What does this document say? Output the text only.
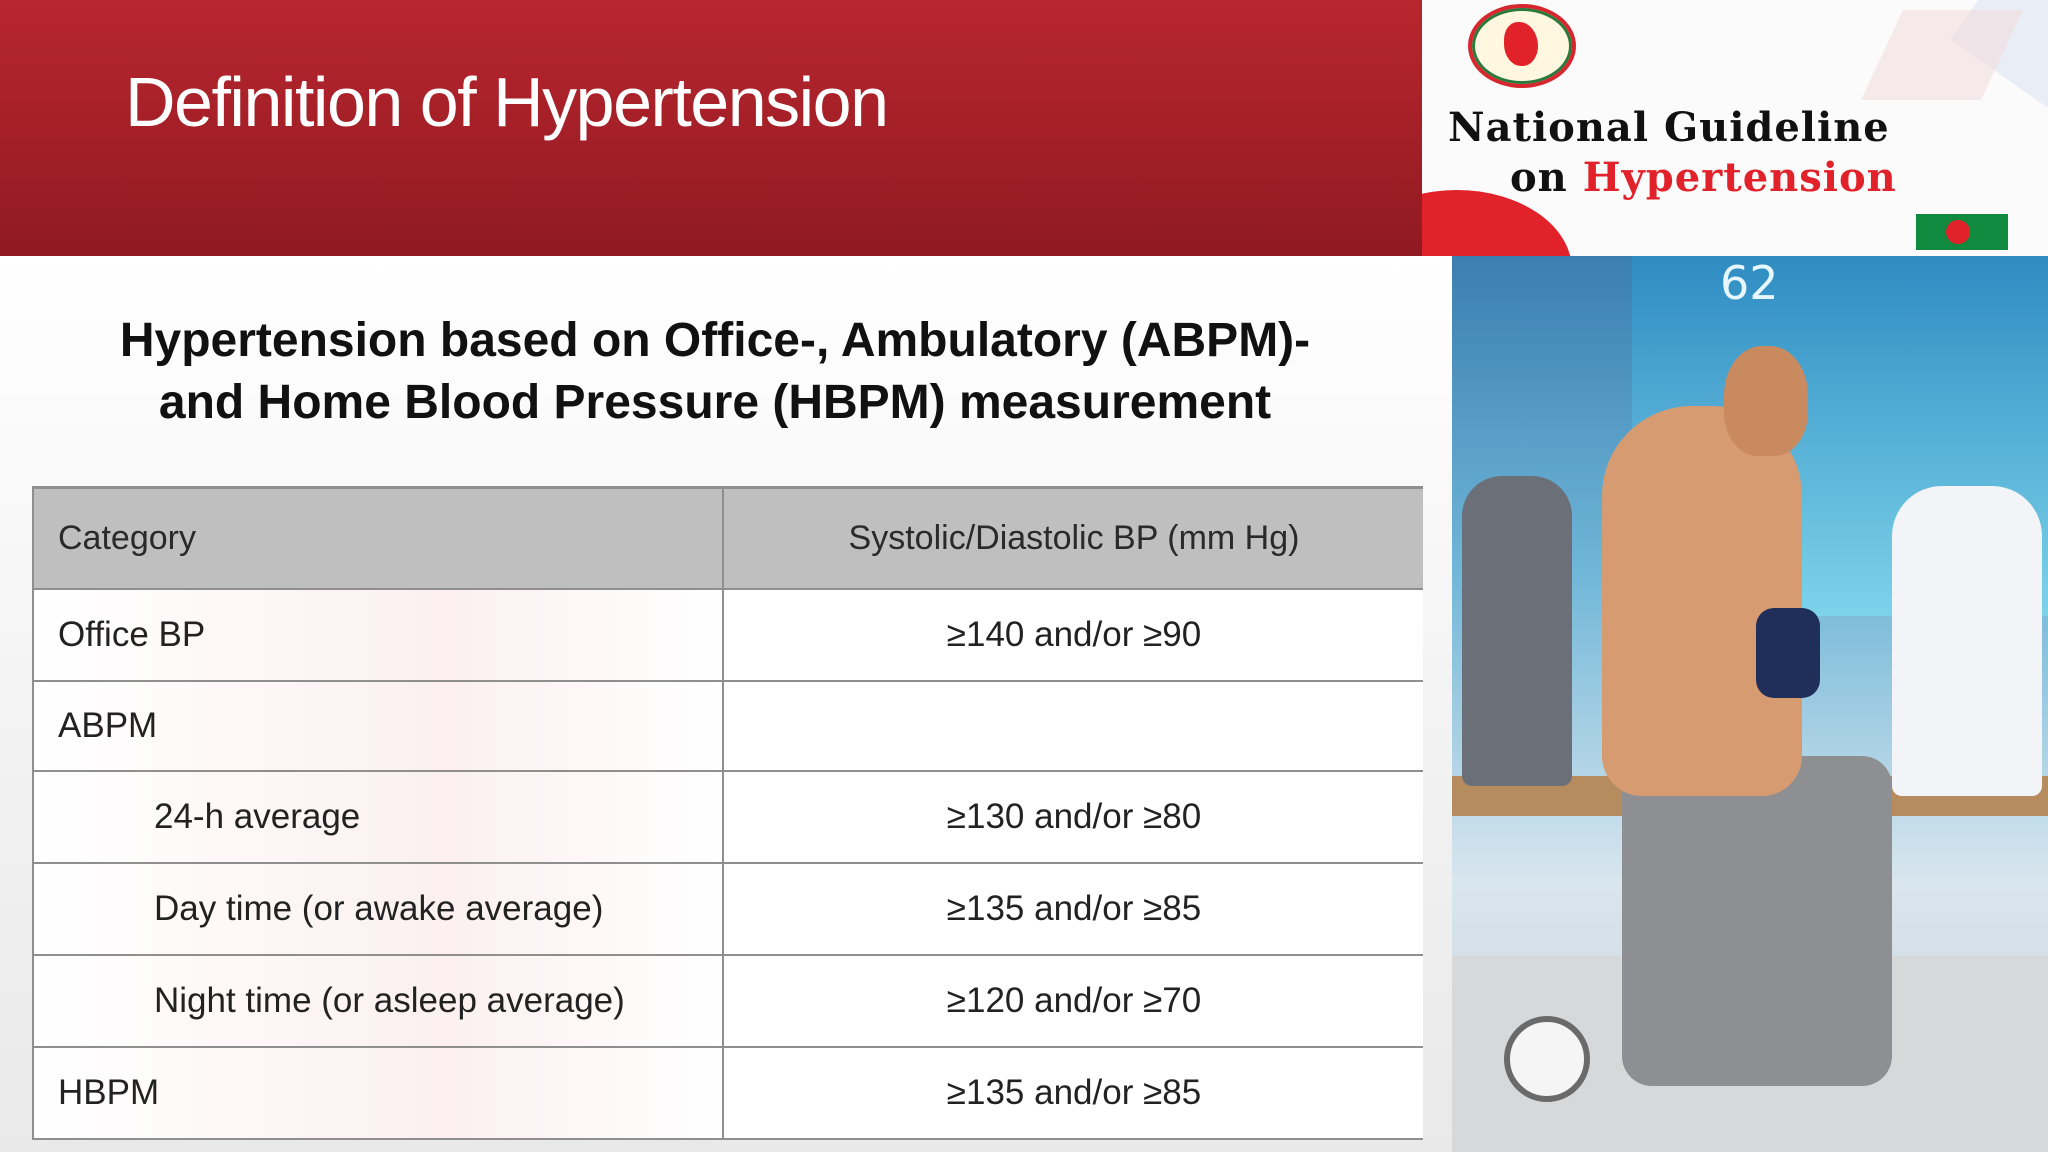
Definition of Hypertension	National Guideline
on Hypertension
Hypertension based on Office-, Ambulatory (ABPM)-
and Home Blood Pressure (HBPM) measurement
Category	Systolic/Diastolic BP (mm Hg)
Office BP	≥140 and/or ≥90
ABPM	
24-h average	≥130 and/or ≥80
Day time (or awake average)	≥135 and/or ≥85
Night time (or asleep average)	≥120 and/or ≥70
HBPM	≥135 and/or ≥85
62
